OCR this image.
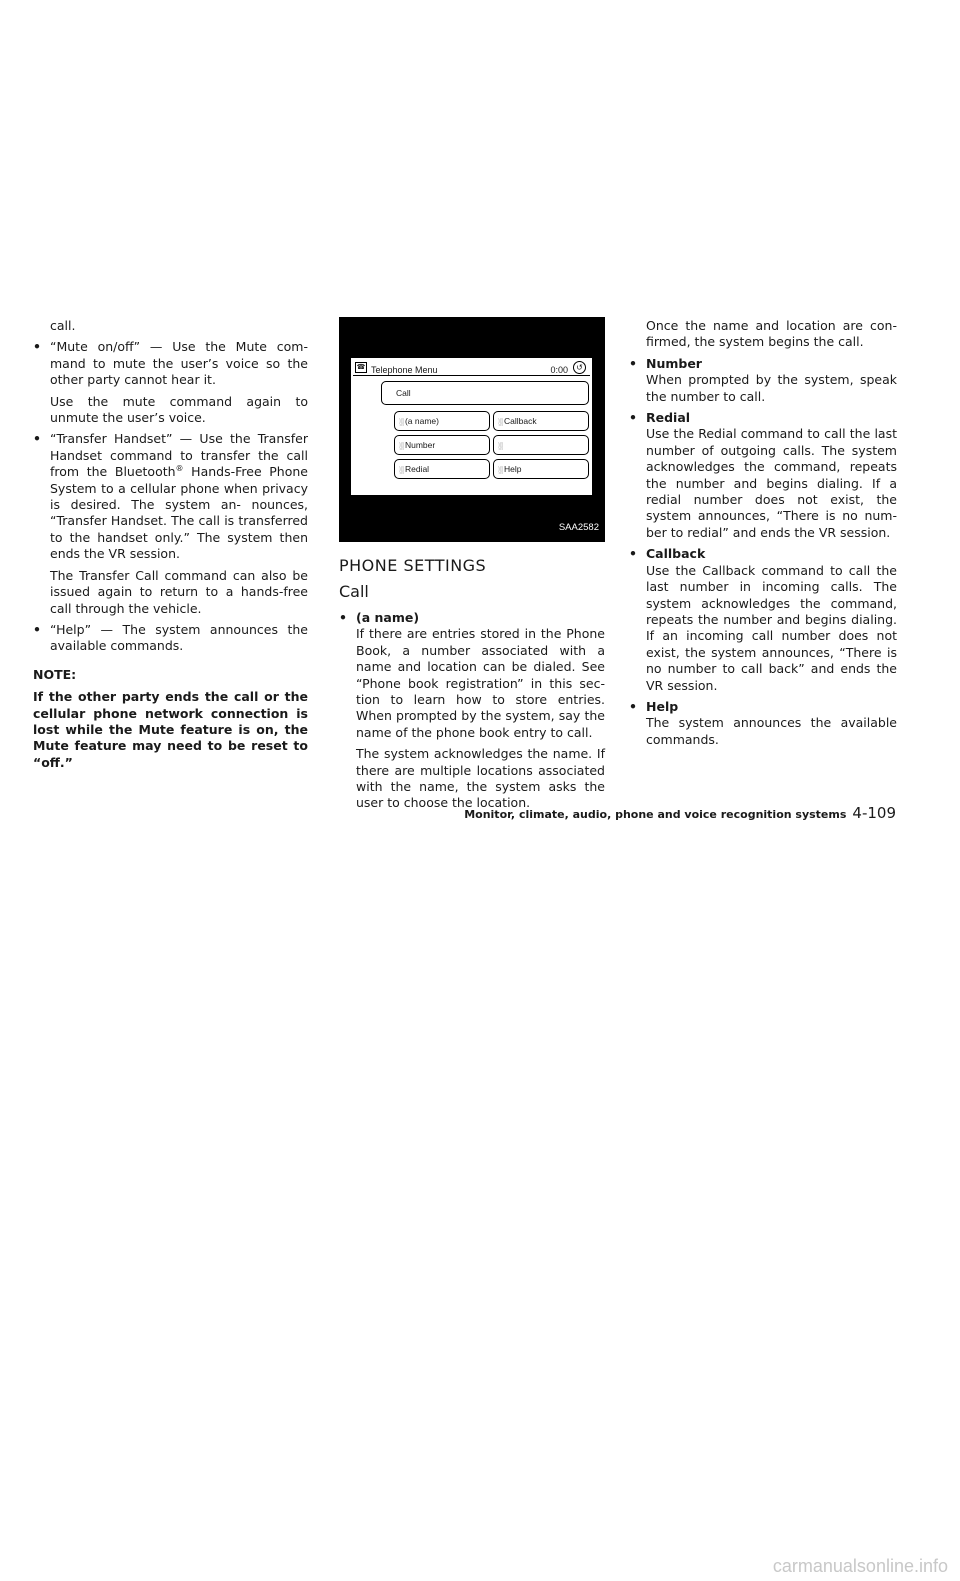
call.

• “Mute on/off” — Use the Mute com- mand to mute the user’s voice so the other party cannot hear it.

Use the mute command again to unmute the user’s voice.

• “Transfer Handset” — Use the Transfer Handset command to transfer the call from the Bluetooth® Hands-Free Phone System to a cellular phone when privacy is desired. The system an- nounces, “Transfer Handset. The call is transferred to the handset only.” The system then ends the VR session.

The Transfer Call command can also be issued again to return to a hands-free call through the vehicle.

• “Help” — The system announces the available commands.
NOTE:

If the other party ends the call or the cellular phone network connection is lost while the Mute feature is on, the Mute feature may need to be reset to “off.”

☎ Telephone Menu	0:00	↺
Call
░(a name)	░Callback
░Number	░
░Redial	░Help
SAA2582
PHONE SETTINGS
Call
• (a name)
If there are entries stored in the Phone Book, a number associated with a name and location can be dialed. See “Phone book registration” in this sec- tion to learn how to store entries. When prompted by the system, say the name of the phone book entry to call.
The system acknowledges the name. If there are multiple locations associated with the name, the system asks the user to choose the location.

Once the name and location are con- firmed, the system begins the call.

• Number
When prompted by the system, speak the number to call.
• Redial
Use the Redial command to call the last number of outgoing calls. The system acknowledges the command, repeats the number and begins dialing. If a redial number does not exist, the system announces, “There is no num- ber to redial” and ends the VR session.
• Callback
Use the Callback command to call the last number in incoming calls. The system acknowledges the command, repeats the number and begins dialing. If an incoming call number does not exist, the system announces, “There is no number to call back” and ends the VR session.
• Help
The system announces the available commands.
Monitor, climate, audio, phone and voice recognition systems 4-109
carmanualsonline.info
